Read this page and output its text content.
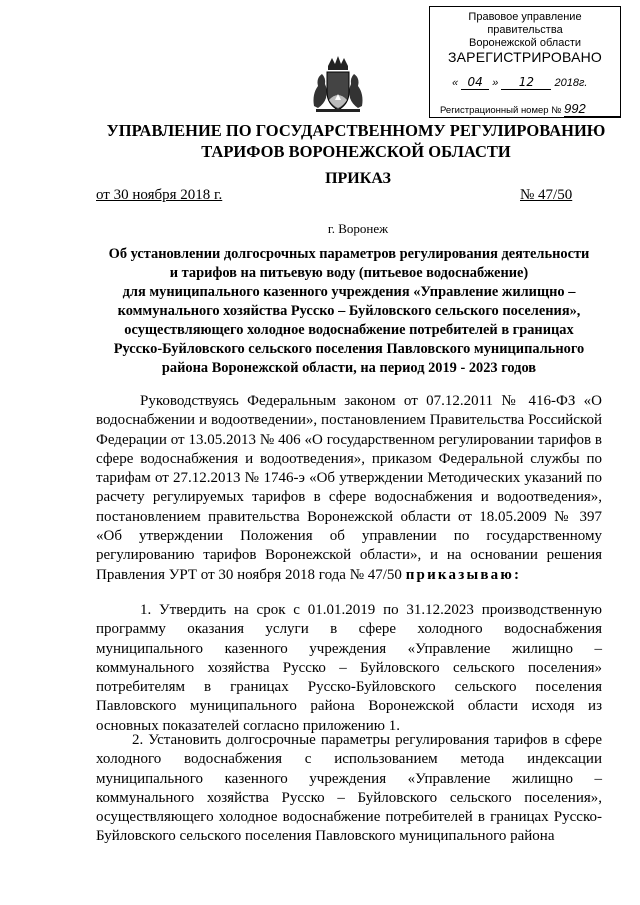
Правовое управление правительства
Воронежской области
ЗАРЕГИСТРИРОВАНО
« 04 » 12 2018г.
Регистрационный номер № 992
УПРАВЛЕНИЕ ПО ГОСУДАРСТВЕННОМУ РЕГУЛИРОВАНИЮ
ТАРИФОВ ВОРОНЕЖСКОЙ ОБЛАСТИ
ПРИКАЗ
от 30 ноября 2018 г.	№ 47/50
г. Воронеж
Об установлении долгосрочных параметров регулирования деятельности
и тарифов на питьевую воду (питьевое водоснабжение)
для муниципального казенного учреждения «Управление жилищно –
коммунального хозяйства Русско – Буйловского сельского поселения»,
осуществляющего холодное водоснабжение потребителей в границах
Русско-Буйловского сельского поселения Павловского муниципального
района Воронежской области, на период 2019 - 2023 годов

Руководствуясь Федеральным законом от 07.12.2011 № 416-ФЗ «О водоснабжении и водоотведении», постановлением Правительства Российской Федерации от 13.05.2013 № 406 «О государственном регулировании тарифов в сфере водоснабжения и водоотведения», приказом Федеральной службы по тарифам от 27.12.2013 № 1746-э «Об утверждении Методических указаний по расчету регулируемых тарифов в сфере водоснабжения и водоотведения», постановлением правительства Воронежской области от 18.05.2009 № 397 «Об утверждении Положения об управлении по государственному регулированию тарифов Воронежской области», и на основании решения Правления УРТ от 30 ноября 2018 года № 47/50 приказываю:

1. Утвердить на срок с 01.01.2019 по 31.12.2023 производственную программу оказания услуги в сфере холодного водоснабжения муниципального казенного учреждения «Управление жилищно – коммунального хозяйства Русско – Буйловского сельского поселения» потребителям в границах Русско-Буйловского сельского поселения Павловского муниципального района Воронежской области исходя из основных показателей согласно приложению 1.

2. Установить долгосрочные параметры регулирования тарифов в сфере холодного водоснабжения с использованием метода индексации муниципального казенного учреждения «Управление жилищно – коммунального хозяйства Русско – Буйловского сельского поселения», осуществляющего холодное водоснабжение потребителей в границах Русско-Буйловского сельского поселения Павловского муниципального района
